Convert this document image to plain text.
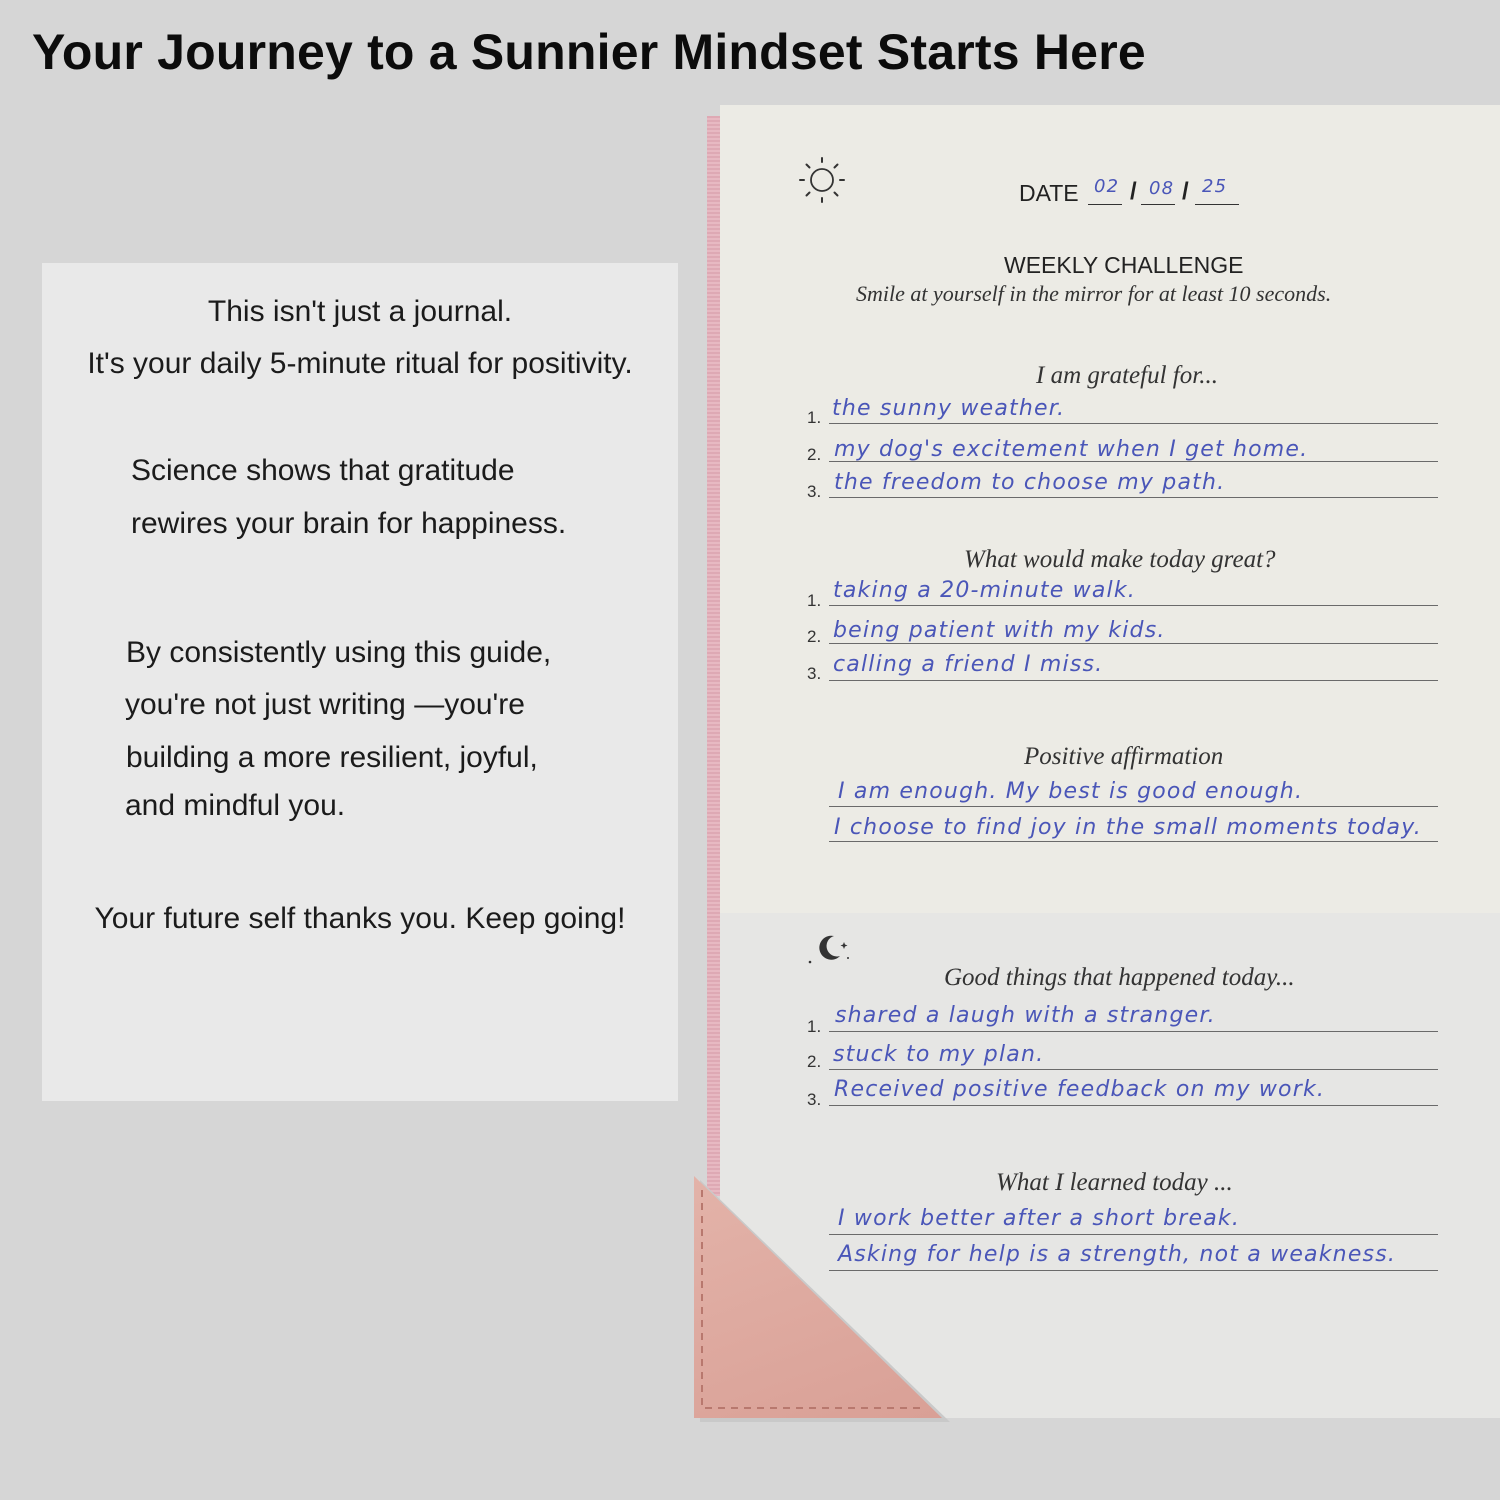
Your Journey to a Sunnier Mindset Starts Here

This isn't just a journal.

It's your daily 5-minute ritual for positivity.

Science shows that gratitude

rewires your brain for happiness.

By consistently using this guide,

you're not just writing —you're

building a more resilient, joyful,

and mindful you.

Your future self thanks you. Keep going!

DATE 02 / 08 / 25

WEEKLY CHALLENGE

Smile at yourself in the mirror for at least 10 seconds.

I am grateful for...

1. the sunny weather.
2. my dog's excitement when I get home.
3. the freedom to choose my path.

What would make today great?

1. taking a 20-minute walk.
2. being patient with my kids.
3. calling a friend I miss.

Positive affirmation

I am enough. My best is good enough.
I choose to find joy in the small moments today.

Good things that happened today...

1. shared a laugh with a stranger.
2. stuck to my plan.
3. Received positive feedback on my work.

What I learned today ...

I work better after a short break.
Asking for help is a strength, not a weakness.
